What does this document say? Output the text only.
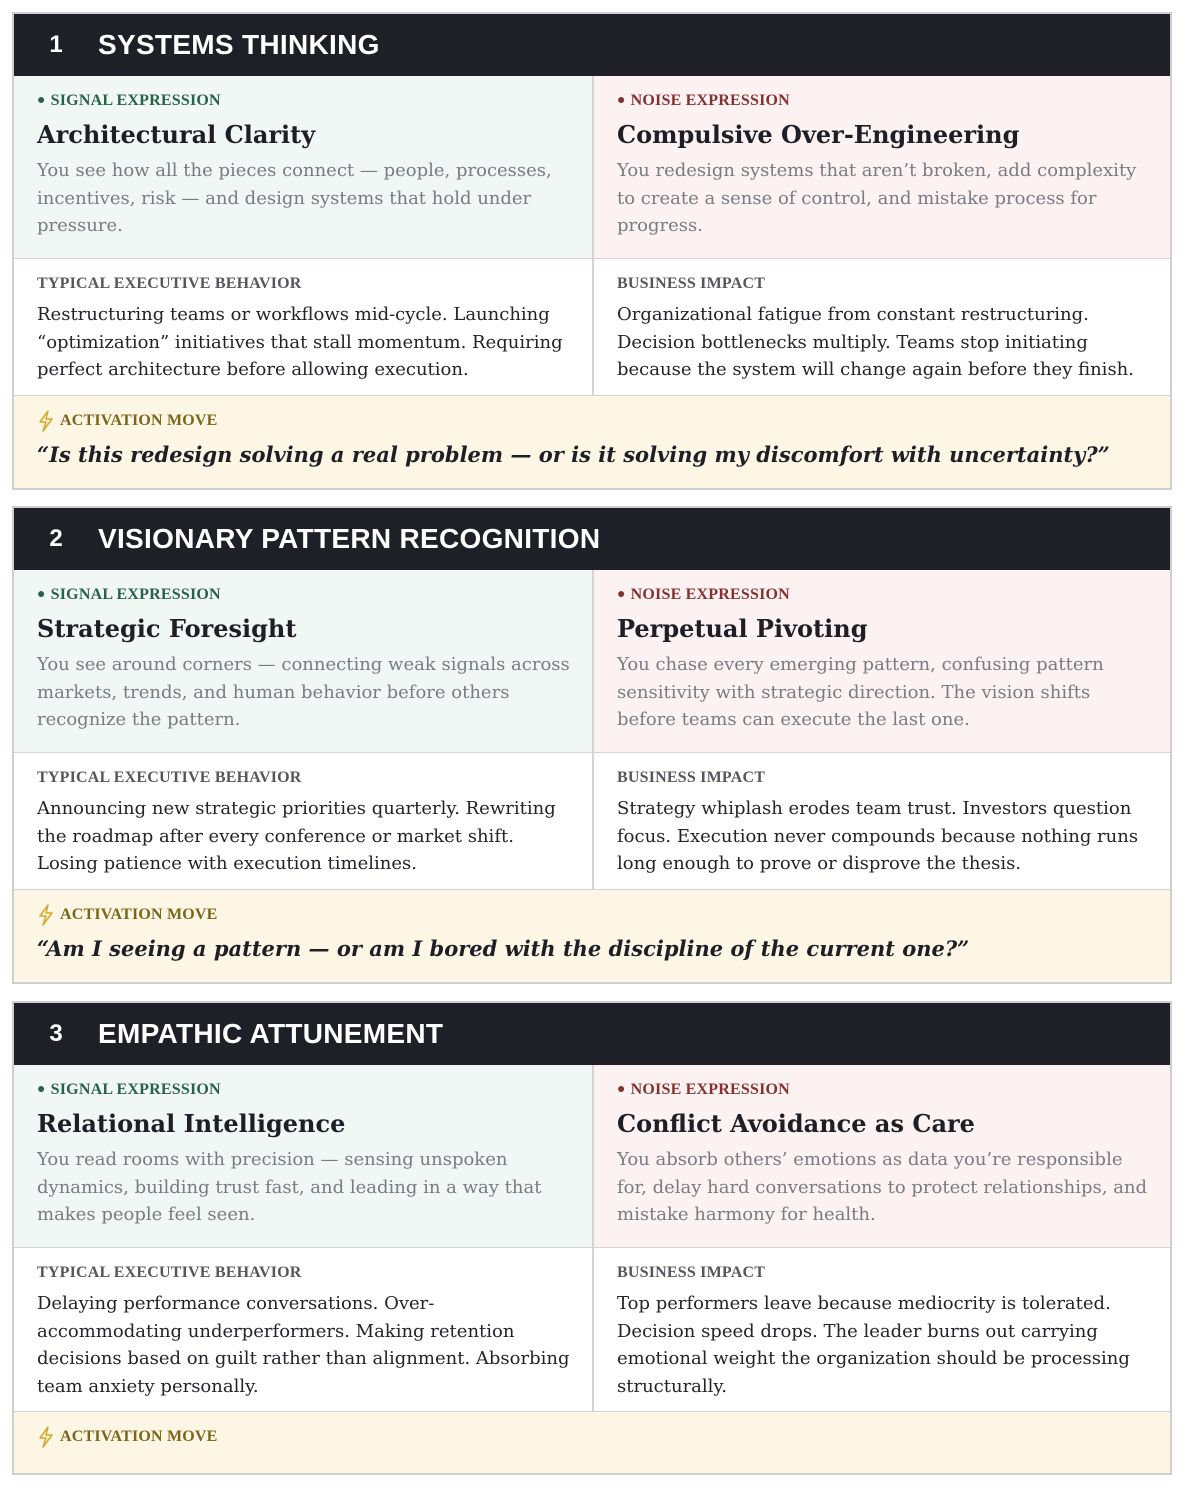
1	SYSTEMS THINKING
● SIGNAL EXPRESSION
Architectural Clarity
You see how all the pieces connect — people, processes, incentives, risk — and design systems that hold under pressure.
● NOISE EXPRESSION
Compulsive Over-Engineering
You redesign systems that aren’t broken, add complexity to create a sense of control, and mistake process for progress.
TYPICAL EXECUTIVE BEHAVIOR
Restructuring teams or workflows mid-cycle. Launching “optimization” initiatives that stall momentum. Requiring perfect architecture before allowing execution.
BUSINESS IMPACT
Organizational fatigue from constant restructuring. Decision bottlenecks multiply. Teams stop initiating because the system will change again before they finish.
ACTIVATION MOVE
“Is this redesign solving a real problem — or is it solving my discomfort with uncertainty?”
2	VISIONARY PATTERN RECOGNITION
● SIGNAL EXPRESSION
Strategic Foresight
You see around corners — connecting weak signals across markets, trends, and human behavior before others recognize the pattern.
● NOISE EXPRESSION
Perpetual Pivoting
You chase every emerging pattern, confusing pattern sensitivity with strategic direction. The vision shifts before teams can execute the last one.
TYPICAL EXECUTIVE BEHAVIOR
Announcing new strategic priorities quarterly. Rewriting the roadmap after every conference or market shift. Losing patience with execution timelines.
BUSINESS IMPACT
Strategy whiplash erodes team trust. Investors question focus. Execution never compounds because nothing runs long enough to prove or disprove the thesis.
ACTIVATION MOVE
“Am I seeing a pattern — or am I bored with the discipline of the current one?”
3	EMPATHIC ATTUNEMENT
● SIGNAL EXPRESSION
Relational Intelligence
You read rooms with precision — sensing unspoken dynamics, building trust fast, and leading in a way that makes people feel seen.
● NOISE EXPRESSION
Conflict Avoidance as Care
You absorb others’ emotions as data you’re responsible for, delay hard conversations to protect relationships, and mistake harmony for health.
TYPICAL EXECUTIVE BEHAVIOR
Delaying performance conversations. Over-accommodating underperformers. Making retention decisions based on guilt rather than alignment. Absorbing team anxiety personally.
BUSINESS IMPACT
Top performers leave because mediocrity is tolerated. Decision speed drops. The leader burns out carrying emotional weight the organization should be processing structurally.
ACTIVATION MOVE
